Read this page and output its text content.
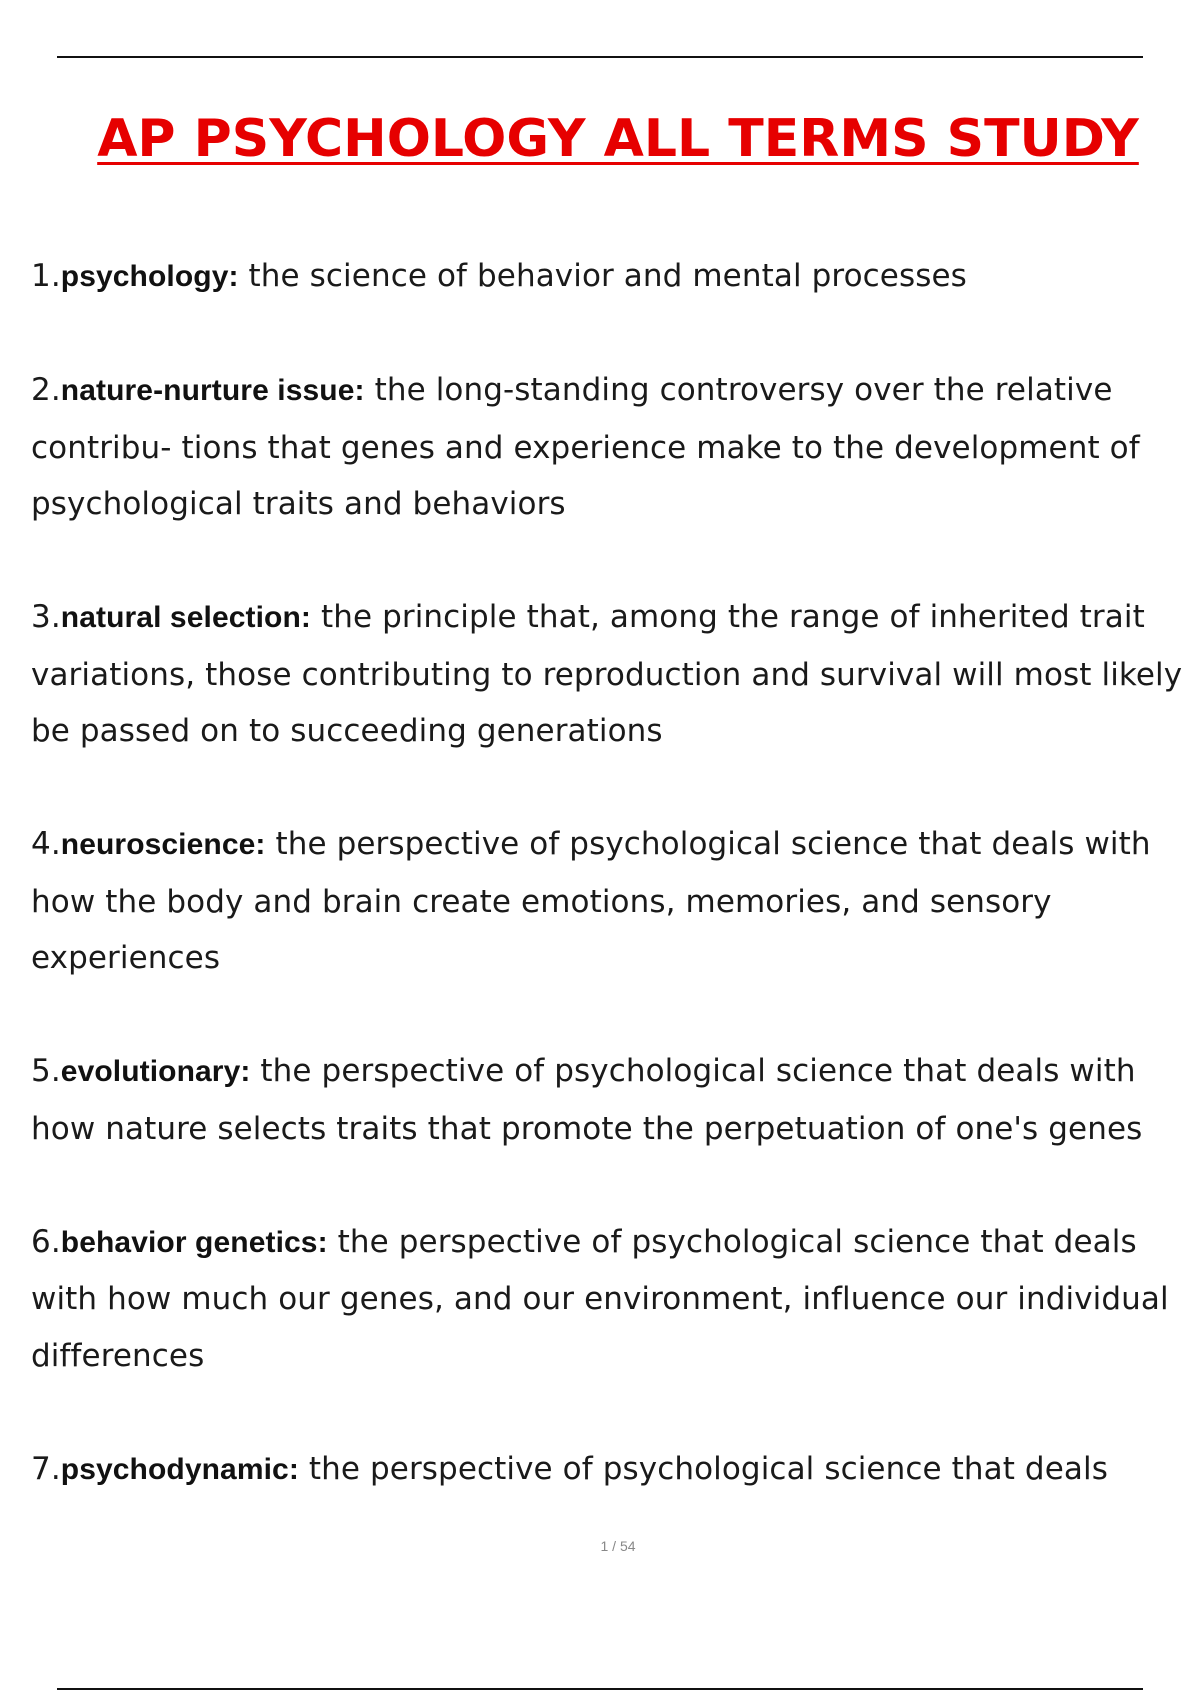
AP PSYCHOLOGY ALL TERMS STUDY
1.psychology: the science of behavior and mental processes
2.nature-nurture issue: the long-standing controversy over the relative contribu- tions that genes and experience make to the development of psychological traits and behaviors
3.natural selection: the principle that, among the range of inherited trait variations, those contributing to reproduction and survival will most likely be passed on to succeeding generations
4.neuroscience: the perspective of psychological science that deals with how the body and brain create emotions, memories, and sensory experiences
5.evolutionary: the perspective of psychological science that deals with how nature selects traits that promote the perpetuation of one's genes
6.behavior genetics: the perspective of psychological science that deals with how much our genes, and our environment, influence our individual differences
7.psychodynamic: the perspective of psychological science that deals
1 / 54
